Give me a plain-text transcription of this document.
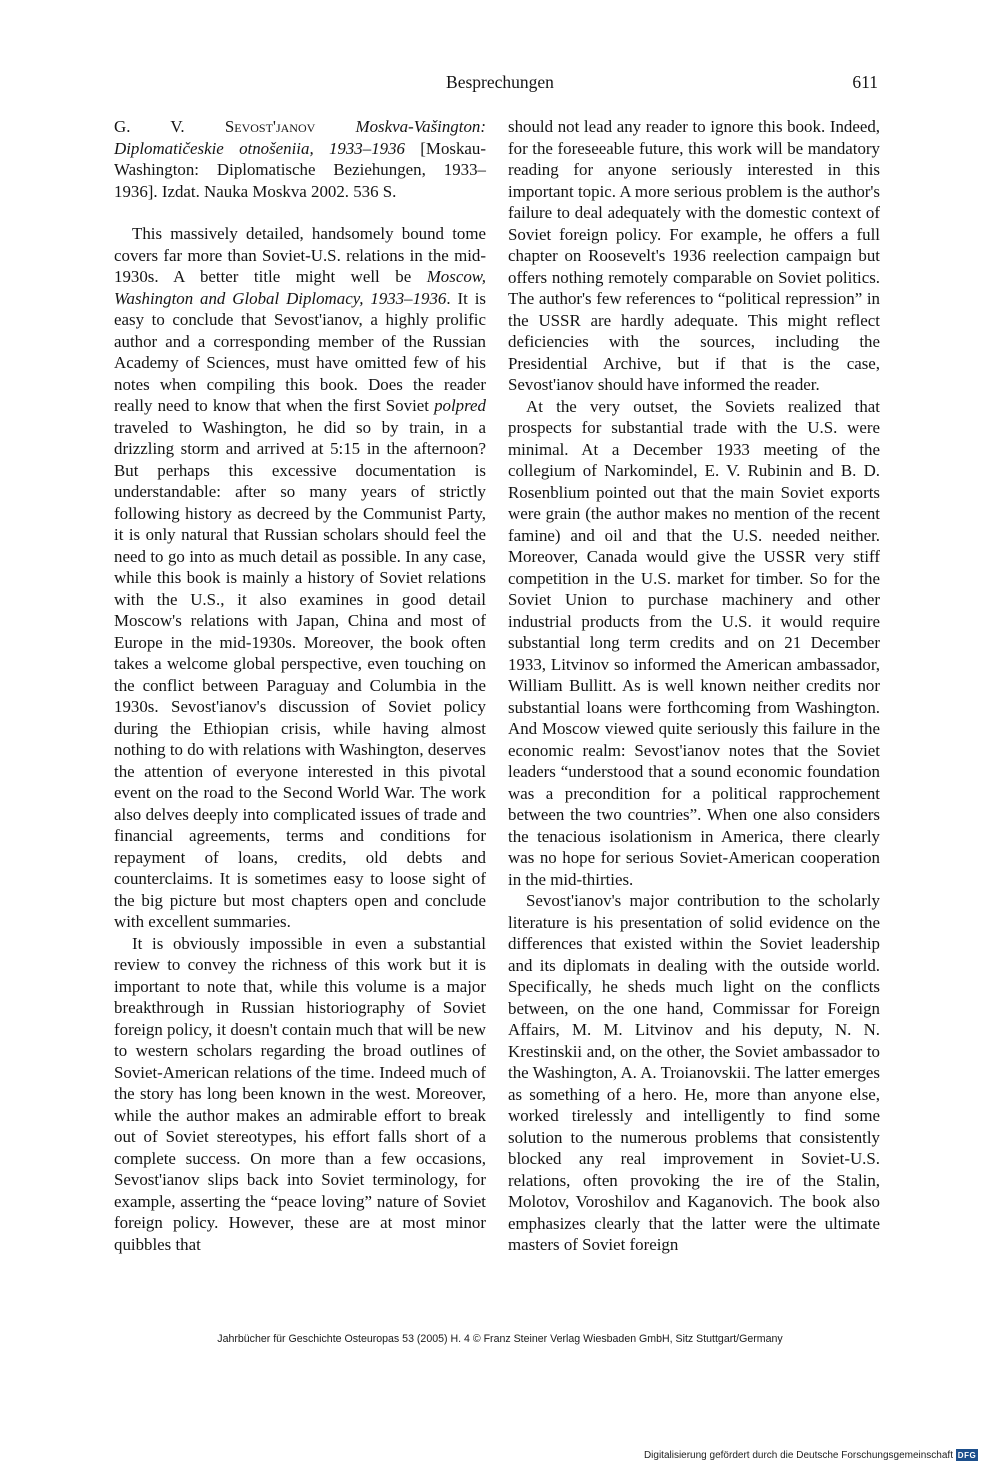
Besprechungen	611

G. V. Sevost'janov Moskva-Vašington: Diplomatičeskie otnošeniia, 1933–1936 [Moskau-Washington: Diplomatische Beziehungen, 1933–1936]. Izdat. Nauka Moskva 2002. 536 S.

This massively detailed, handsomely bound tome covers far more than Soviet-U.S. relations in the mid-1930s. A better title might well be Moscow, Washington and Global Diplomacy, 1933–1936. It is easy to conclude that Sevost'ianov, a highly prolific author and a corresponding member of the Russian Academy of Sciences, must have omitted few of his notes when compiling this book. Does the reader really need to know that when the first Soviet polpred traveled to Washington, he did so by train, in a drizzling storm and arrived at 5:15 in the afternoon? But perhaps this excessive documentation is understandable: after so many years of strictly following history as decreed by the Communist Party, it is only natural that Russian scholars should feel the need to go into as much detail as possible. In any case, while this book is mainly a history of Soviet relations with the U.S., it also examines in good detail Moscow's relations with Japan, China and most of Europe in the mid-1930s. Moreover, the book often takes a welcome global perspective, even touching on the conflict between Paraguay and Columbia in the 1930s. Sevost'ianov's discussion of Soviet policy during the Ethiopian crisis, while having almost nothing to do with relations with Washington, deserves the attention of everyone interested in this pivotal event on the road to the Second World War. The work also delves deeply into complicated issues of trade and financial agreements, terms and conditions for repayment of loans, credits, old debts and counterclaims. It is sometimes easy to loose sight of the big picture but most chapters open and conclude with excellent summaries.

It is obviously impossible in even a substantial review to convey the richness of this work but it is important to note that, while this volume is a major breakthrough in Russian historiography of Soviet foreign policy, it doesn't contain much that will be new to western scholars regarding the broad outlines of Soviet-American relations of the time. Indeed much of the story has long been known in the west. Moreover, while the author makes an admirable effort to break out of Soviet stereotypes, his effort falls short of a complete success. On more than a few occasions, Sevost'ianov slips back into Soviet terminology, for example, asserting the “peace loving” nature of Soviet foreign policy. However, these are at most minor quibbles that

should not lead any reader to ignore this book. Indeed, for the foreseeable future, this work will be mandatory reading for anyone seriously interested in this important topic. A more serious problem is the author's failure to deal adequately with the domestic context of Soviet foreign policy. For example, he offers a full chapter on Roosevelt's 1936 reelection campaign but offers nothing remotely comparable on Soviet politics. The author's few references to “political repression” in the USSR are hardly adequate. This might reflect deficiencies with the sources, including the Presidential Archive, but if that is the case, Sevost'ianov should have informed the reader.

At the very outset, the Soviets realized that prospects for substantial trade with the U.S. were minimal. At a December 1933 meeting of the collegium of Narkomindel, E. V. Rubinin and B. D. Rosenblium pointed out that the main Soviet exports were grain (the author makes no mention of the recent famine) and oil and that the U.S. needed neither. Moreover, Canada would give the USSR very stiff competition in the U.S. market for timber. So for the Soviet Union to purchase machinery and other industrial products from the U.S. it would require substantial long term credits and on 21 December 1933, Litvinov so informed the American ambassador, William Bullitt. As is well known neither credits nor substantial loans were forthcoming from Washington. And Moscow viewed quite seriously this failure in the economic realm: Sevost'ianov notes that the Soviet leaders “understood that a sound economic foundation was a precondition for a political rapprochement between the two countries”. When one also considers the tenacious isolationism in America, there clearly was no hope for serious Soviet-American cooperation in the mid-thirties.

Sevost'ianov's major contribution to the scholarly literature is his presentation of solid evidence on the differences that existed within the Soviet leadership and its diplomats in dealing with the outside world. Specifically, he sheds much light on the conflicts between, on the one hand, Commissar for Foreign Affairs, M. M. Litvinov and his deputy, N. N. Krestinskii and, on the other, the Soviet ambassador to the Washington, A. A. Troianovskii. The latter emerges as something of a hero. He, more than anyone else, worked tirelessly and intelligently to find some solution to the numerous problems that consistently blocked any real improvement in Soviet-U.S. relations, often provoking the ire of the Stalin, Molotov, Voroshilov and Kaganovich. The book also emphasizes clearly that the latter were the ultimate masters of Soviet foreign

Jahrbücher für Geschichte Osteuropas 53 (2005) H. 4 © Franz Steiner Verlag Wiesbaden GmbH, Sitz Stuttgart/Germany
Digitalisierung gefördert durch die Deutsche Forschungsgemeinschaft DFG
